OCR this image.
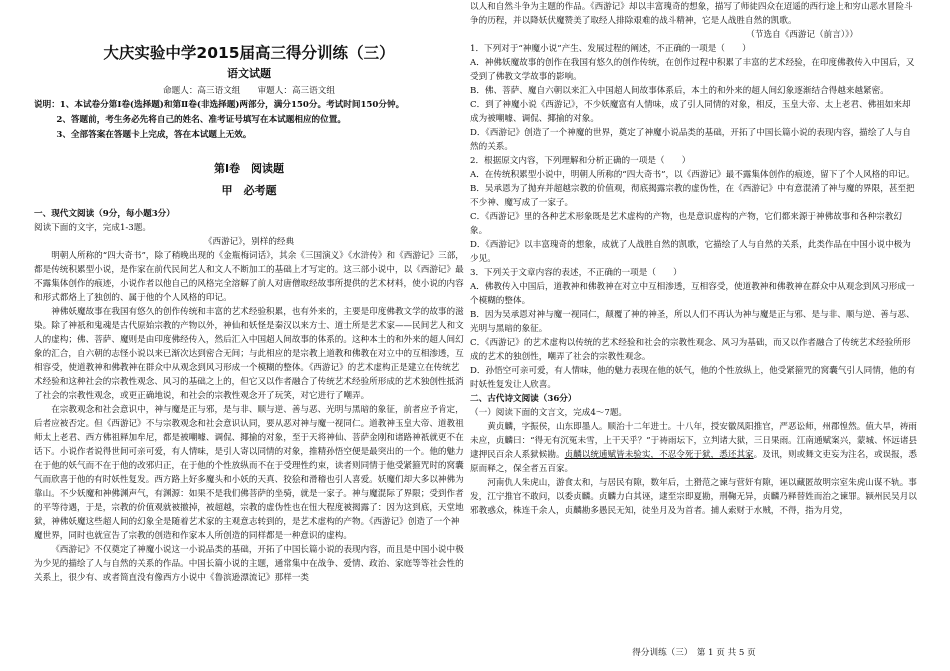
大庆实验中学2015届高三得分训练（三）
语文试题
命题人：高三语文组　　审题人：高三语文组

说明：1、本试卷分第Ⅰ卷(选择题)和第Ⅱ卷(非选择题)两部分，满分150分。考试时间150分钟。

2、答题前，考生务必先将自己的姓名、准考证号填写在本试题相应的位置。

3、全部答案在答题卡上完成，答在本试题上无效。

第Ⅰ卷　阅读题
甲　必考题

一、现代文阅读（9分，每小题3分）

阅读下面的文字，完成1-3题。

《西游记》，别样的经典

明朝人所称的“四大奇书”，除了稍晚出现的《金瓶梅词话》，其余《三国演义》《水浒传》和《西游记》三部，都是传统积累型小说，是作家在前代民间艺人和文人不断加工的基础上才写定的。这三部小说中，以《西游记》最不露集体创作的痕迹，小说作者以他自己的风格完全溶解了前人对唐僧取经故事所提供的艺术材料，使小说的内容和形式都烙上了独创的、属于他的个人风格的印记。

神佛妖魔故事在我国有悠久的创作传统和丰富的艺术经验积累，也有外来的，主要是印度佛教文学的故事的滋染。除了神祇和鬼魂是古代原始宗教的产物以外，神仙和妖怪是秦汉以来方士、道士所是艺术家——民间艺人和文人的虚构；佛、菩萨、魔则是由印度佛经传入，然后汇入中国超人间故事的体系的。这种本土的和外来的超人间幻象的汇合，自六朝的志怪小说以来已渐次达到密合无间；与此相应的是宗教上道教和佛教在对立中的互相渗透，互相容受，使道教神和佛教神在群众中从观念到风习形成一个模糊的整体。《西游记》的艺术虚构正是建立在传统艺术经验和这种社会的宗教性观念、风习的基础之上的，但它又以作者融合了传统艺术经验所形成的艺术独创性抵消了社会的宗教性观念，或更正确地说，和社会的宗教性观念开了玩笑，对它进行了嘲弄。

在宗教观念和社会意识中，神与魔是正与邪，是与非、顺与逆、善与恶、光明与黑暗的象征，前者应予肯定，后者应被否定。但《西游记》不与宗教观念和社会意识认同，要从恶对神与魔一视同仁。道教神玉皇大帝、道教祖师太上老君、西方佛祖释加牟尼，都是被嘲噱、调侃、揶揄的对象，至于天将神仙、菩萨金刚和诸路神祇就更不在话下。小说作者说得世间可亲可爱，有人情味，是引人寄以同情的对象，推精孙悟空便是最突出的一个。他的魅力在于他的妖气而不在于他的改邪归正，在于他的个性放纵而不在于受理性约束，读者则同情于他受紧箍咒时的窝囊气而欣喜于他的有时妖性复发。西方路上好多魔头和小妖的天真、狡狯和滑稽也引人喜爱。妖魔们却大多以神佛为靠山。不少妖魔和神佛渊声气，有渊源：如果不是我们佛菩萨的坐骑，就是一家子。神与魔混际了界限；受到作者的平等待遇，于是，宗教的价值观就被撤掉，被超越，宗教的虚伪性也在忸大程度被揭露了：因为这到底，天堂地狱，神佛妖魔这些超人间的幻象全是随着艺术家的主观意志转到的，是艺术虚构的产物。《西游记》创造了一个神魔世界，同时也就宣告了宗教的创造和作家本人所创造的同样都是一种意识的虚构。

《西游记》不仅奠定了神魔小说这一小说品类的基础，开拓了中国长篇小说的表现内容，而且是中国小说中极为少见的描绘了人与自然的关系的作品。中国长篇小说的主题，通常集中在战争、爱情、政治、家庭等等社会性的关系上，很少有、或者简直没有像西方小说中《鲁滨逊漂流记》那样一类

以人和自然斗争为主题的作品。《西游记》却以丰富瑰奇的想象，描写了师徒四众在迢遥的西行途上和穷山恶水冒险斗争的历程，并以降妖伏魔赞美了取经人排除艰难的战斗精神，它是人战胜自然的凯歌。

（节选自《西游记（前言）》）

1．下列对于“神魔小说”产生、发展过程的阐述，不正确的一项是（　　）

A．神佛妖魔故事的创作在我国有悠久的创作传统，在创作过程中积累了丰富的艺术经验，在印度佛教传入中国后，又受到了佛教文学故事的影响。

B．佛、菩萨、魔自六朝以来汇入中国超人间故事体系后，本土的和外来的超人间幻象逐渐结合得越来越紧密。

C．到了神魔小说《西游记》，不少妖魔富有人情味，成了引人同情的对象，相反，玉皇大帝、太上老君、佛祖如来却成为被嘲噱、调侃、揶揄的对象。

D．《西游记》创造了一个神魔的世界，奠定了神魔小说品类的基础，开拓了中国长篇小说的表现内容，描绘了人与自然的关系。

2．根据原文内容，下列理解和分析正确的一项是（　　）

A．在传统积累型小说中，明朝人所称的“四大奇书”，以《西游记》最不露集体创作的痕迹，留下了个人风格的印记。

B．吴承恩为了抛弃并超越宗教的价值观，彻底揭露宗教的虚伪性，在《西游记》中有意混淆了神与魔的界限，甚至把不少神、魔写成了一家子。

C．《西游记》里的各种艺术形象既是艺术虚构的产物，也是意识虚构的产物，它们都来源于神佛故事和各种宗教幻象。

D．《西游记》以丰富瑰奇的想象，成就了人战胜自然的凯歌，它描绘了人与自然的关系，此类作品在中国小说中极为少见。

3．下列关于文章内容的表述，不正确的一项是（　　）

A．佛教传入中国后，道教神和佛教神在对立中互相渗透，互相容受，使道教神和佛教神在群众中从观念到风习形成一个模糊的整体。

B．因为吴承恩对神与魔一视同仁，颠覆了神的神圣，所以人们不再认为神与魔是正与邪、是与非、顺与逆、善与恶、光明与黑暗的象征。

C．《西游记》的艺术虚构以传统的艺术经验和社会的宗教性观念、风习为基础，而又以作者融合了传统艺术经验所形成的艺术的独创性，嘲弄了社会的宗教性观念。

D．孙悟空可亲可爱，有人情味，他的魅力表现在他的妖气，他的个性放纵上，他受紧箍咒的窝囊气引人同情，他的有时妖性复发让人欣喜。

二、古代诗文阅读（36分）

（一）阅读下面的文言文，完成4～7题。

黄贞麟，字振侯，山东即墨人。顺治十二年进士。十八年，授安徽凤阳推官，严恶讼师，州郡惶然。值大旱，祷雨未应，贞麟曰：“得无有沉冤未雪，上干天乎？”于祷雨坛下，立判诸大狱，三日果雨。江南通赋案兴，蒙城、怀远诸县逮押民百余人系狱候勘。贞麟以统逋赋皆未验实，不忍令死于狱，悉还其家。及讯，则或舞文吏妄为注名，或误报，悉原而释之，保全者五百家。

河南仇人朱虎山，游食太和，与居民有隙，数年后，土猾范之谏与营奸有隙，诬以藏匿故明宗室朱虎山谋不轨。事发，江宁推官不敢问，以委贞麟。贞麟力白其诬，逮至宗即夏勘，刑鞠无异，贞麟乃释替姓而治之谏罪。颍州民吴月以邪教惑众，株连千余人，贞麟勘多愚民无知，徒坐月及为首者。捕人索财于水贼，不得，指为月党，

得分训练（三）　第 1 页 共 5 页
